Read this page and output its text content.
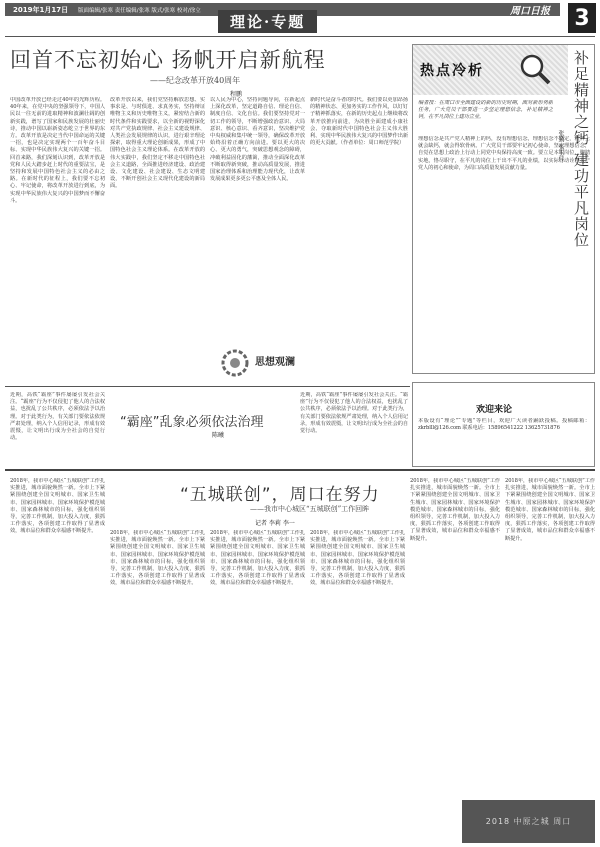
2019年1月17日 版面编辑/张寒 责任编辑/张寒 版式/张寒 校对/徐立
理论·专题
周口日报	3
回首不忘初始心 扬帆开启新航程
——纪念改革开放40周年
程鹏
中国改革开放已经走过40年的光辉历程。40年来，在党中央的坚强领导下，中国人民以一往无前的进取精神和波澜壮阔的创新实践，谱写了国家和民族发展的壮丽史诗，推动中国以崭新姿态屹立于世界的东方。改革开放是决定当代中国命运的关键一招，也是决定实现两个一百年奋斗目标、实现中华民族伟大复兴的关键一招。回首来路，我们深刻认识到，改革开放是党和人民大踏步赶上时代的重要法宝，是坚持和发展中国特色社会主义的必由之路。在新时代的征程上，我们要不忘初心、牢记使命，将改革开放进行到底，为实现中华民族伟大复兴的中国梦而不懈奋斗。
改革开放以来，我们党坚持解放思想、实事求是、与时俱进、求真务实，坚持辩证唯物主义和历史唯物主义，紧密结合新的时代条件和实践要求，以全新的视野深化对共产党执政规律、社会主义建设规律、人类社会发展规律的认识，进行艰辛理论探索，取得重大理论创新成果，形成了中国特色社会主义理论体系。在改革开放的伟大实践中，我们坚定不移走中国特色社会主义道路，全面推进经济建设、政治建设、文化建设、社会建设、生态文明建设，不断开创社会主义现代化建设的新局面。
以人民为中心，坚持问题导向，在新起点上深化改革，坚定道路自信、理论自信、制度自信、文化自信。我们要坚持党对一切工作的领导，不断增强政治意识、大局意识、核心意识、看齐意识，坚决维护党中央权威和集中统一领导，确保改革开放始终沿着正确方向前进。要以更大的决心、更大的勇气，突破思想观念的障碍，冲破利益固化的藩篱，推动全面深化改革不断取得新突破，推动高质量发展，推进国家治理体系和治理能力现代化，让改革发展成果更多更公平惠及全体人民。
新时代是奋斗者的时代。我们要以更加昂扬的精神状态、更加务实的工作作风，以钉钉子精神抓落实，在新的历史起点上继续将改革开放推向前进，为决胜全面建成小康社会、夺取新时代中国特色社会主义伟大胜利、实现中华民族伟大复兴的中国梦作出新的更大贡献。（作者单位：周口师范学院）
思想观澜
热点冷析	补足精神之钙 建功平凡岗位
张勤 张玉佳
编者按：在周口市全面建设的新的历史时期，面对新形势新任务，广大党员干部要进一步坚定理想信念，补足精神之钙，在平凡岗位上建功立业。
理想信念是共产党人精神上的钙，没有理想信念，理想信念不坚定，精神上就会缺钙，就会得软骨病。广大党员干部要牢记初心使命，坚定理想信念，自觉在思想上政治上行动上同党中央保持高度一致。要立足本职岗位，脚踏实地，恪尽职守，在平凡的岗位上干出不平凡的业绩，以实际行动诠释共产党人的初心和使命，为周口高质量发展贡献力量。
近期，高铁“霸座”事件屡屡引发社会关注。“霸座”行为不仅侵犯了他人的合法权益，也扰乱了公共秩序，必须依法予以治理。对于此类行为，有关部门要依法依规严肃处理，纳入个人信用记录，形成有效震慑，让文明出行成为全社会的自觉行动。
“霸座”乱象必须依法治理
陈曦
近期，高铁“霸座”事件屡屡引发社会关注。“霸座”行为不仅侵犯了他人的合法权益，也扰乱了公共秩序，必须依法予以治理。对于此类行为，有关部门要依法依规严肃处理，纳入个人信用记录，形成有效震慑，让文明出行成为全社会的自觉行动。
欢迎来论
本版设有“理论”“专题”等栏目，欢迎广大读者踊跃投稿。投稿邮箱：zkrblll@126.com 联系电话：15896541222 13625731876
2018年，我市中心城区“五城联创”工作扎实推进，城市面貌焕然一新。全市上下紧紧围绕创建全国文明城市、国家卫生城市、国家园林城市、国家环境保护模范城市、国家森林城市的目标，强化组织领导，完善工作机制，加大投入力度，狠抓工作落实，各项创建工作取得了显著成效，城市品位和群众幸福感不断提升。
“五城联创”，周口在努力
——我市中心城区“五城联创”工作回眸
记者 李莉 李一
2018年，我市中心城区“五城联创”工作扎实推进，城市面貌焕然一新。全市上下紧紧围绕创建全国文明城市、国家卫生城市、国家园林城市、国家环境保护模范城市、国家森林城市的目标，强化组织领导，完善工作机制，加大投入力度，狠抓工作落实，各项创建工作取得了显著成效，城市品位和群众幸福感不断提升。
2018年，我市中心城区“五城联创”工作扎实推进，城市面貌焕然一新。全市上下紧紧围绕创建全国文明城市、国家卫生城市、国家园林城市、国家环境保护模范城市、国家森林城市的目标，强化组织领导，完善工作机制，加大投入力度，狠抓工作落实，各项创建工作取得了显著成效，城市品位和群众幸福感不断提升。
2018年，我市中心城区“五城联创”工作扎实推进，城市面貌焕然一新。全市上下紧紧围绕创建全国文明城市、国家卫生城市、国家园林城市、国家环境保护模范城市、国家森林城市的目标，强化组织领导，完善工作机制，加大投入力度，狠抓工作落实，各项创建工作取得了显著成效，城市品位和群众幸福感不断提升。
2018年，我市中心城区“五城联创”工作扎实推进，城市面貌焕然一新。全市上下紧紧围绕创建全国文明城市、国家卫生城市、国家园林城市、国家环境保护模范城市、国家森林城市的目标，强化组织领导，完善工作机制，加大投入力度，狠抓工作落实，各项创建工作取得了显著成效，城市品位和群众幸福感不断提升。
2018年，我市中心城区“五城联创”工作扎实推进，城市面貌焕然一新。全市上下紧紧围绕创建全国文明城市、国家卫生城市、国家园林城市、国家环境保护模范城市、国家森林城市的目标，强化组织领导，完善工作机制，加大投入力度，狠抓工作落实，各项创建工作取得了显著成效，城市品位和群众幸福感不断提升。
2018 中原之城 周口
